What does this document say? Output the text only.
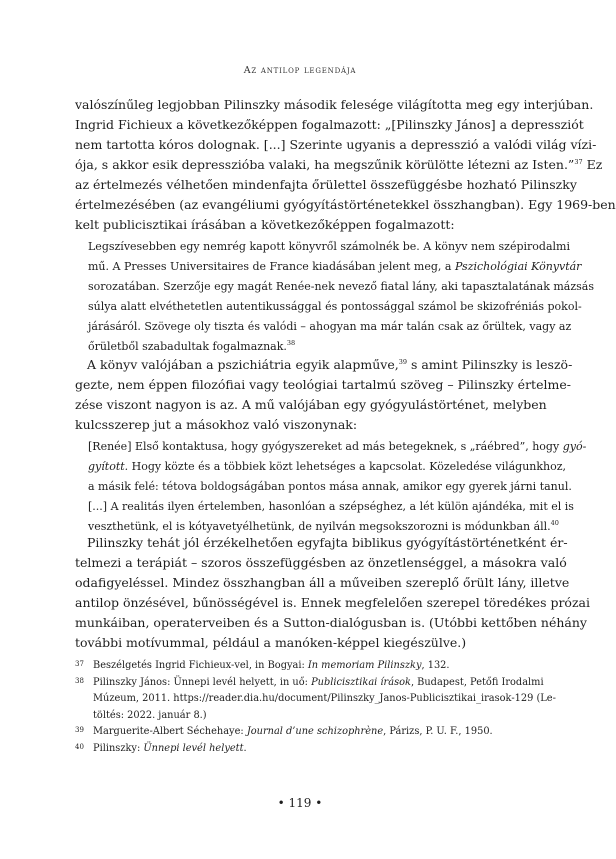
Az antilop legendája
valószínűleg legjobban Pilinszky második felesége világította meg egy interjúban.
Ingrid Fichieux a következőképpen fogalmazott: „[Pilinszky János] a depressziót
nem tartotta kóros dolognak. [...] Szerinte ugyanis a depresszió a valódi világ vízi-
ója, s akkor esik depresszióba valaki, ha megszűnik körülötte létezni az Isten.”$^{37}$ Ez
az értelmezés vélhetően mindenfajta őrülettel összefüggésbe hozható Pilinszky
értelmezésében (az evangéliumi gyógyítástörténetekkel összhangban). Egy 1969-ben
kelt publicisztikai írásában a következőképpen fogalmazott:
Legszívesebben egy nemrég kapott könyvről számolnék be. A könyv nem szépirodalmi
mű. A Presses Universitaires de France kiadásában jelent meg, a Pszichológiai Könyvtár
sorozatában. Szerzője egy magát Renée-nek nevező fiatal lány, aki tapasztalatának mázsás
súlya alatt elvéthetetlen autentikussággal és pontossággal számol be skizofréniás pokol-
járásáról. Szövege oly tiszta és valódi – ahogyan ma már talán csak az őrültek, vagy az
őrületből szabadultak fogalmaznak.$^{38}$
A könyv valójában a pszichiátria egyik alapműve,$^{39}$ s amint Pilinszky is leszö-
gezte, nem éppen filozófiai vagy teológiai tartalmú szöveg – Pilinszky értelme-
zése viszont nagyon is az. A mű valójában egy gyógyulástörténet, melyben
kulcsszerep jut a másokhoz való viszonynak:
[Renée] Első kontaktusa, hogy gyógyszereket ad más betegeknek, s „ráébred”, hogy gyó-
gyított. Hogy közte és a többiek közt lehetséges a kapcsolat. Közeledése világunkhoz,
a másik felé: tétova boldogságában pontos mása annak, amikor egy gyerek járni tanul.
[...] A realitás ilyen értelemben, hasonlóan a szépséghez, a lét külön ajándéka, mit el is
veszthetünk, el is kótyavetyélhetünk, de nyilván megsokszorozni is módunkban áll.$^{40}$
Pilinszky tehát jól érzékelhetően egyfajta biblikus gyógyítástörténetként ér-
telmezi a terápiát – szoros összefüggésben az önzetlenséggel, a másokra való
odafigyeléssel. Mindez összhangban áll a műveiben szereplő őrült lány, illetve
antilop önzésével, bűnösségével is. Ennek megfelelően szerepel töredékes prózai
munkáiban, operaterveiben és a Sutton-dialógusban is. (Utóbbi kettőben néhány
további motívummal, például a manóken-képpel kiegészülve.)
37 Beszélgetés Ingrid Fichieux-vel, in Bogyai: In memoriam Pilinszky, 132.
38 Pilinszky János: Ünnepi levél helyett, in uő: Publicisztikai írások, Budapest, Petőfi Irodalmi
Múzeum, 2011. https://reader.dia.hu/document/Pilinszky_Janos-Publicisztikai_irasok-129 (Le-
töltés: 2022. január 8.)
39 Marguerite-Albert Séchehaye: Journal d’une schizophrène, Párizs, P. U. F., 1950.
40 Pilinszky: Ünnepi levél helyett.
• 119 •
